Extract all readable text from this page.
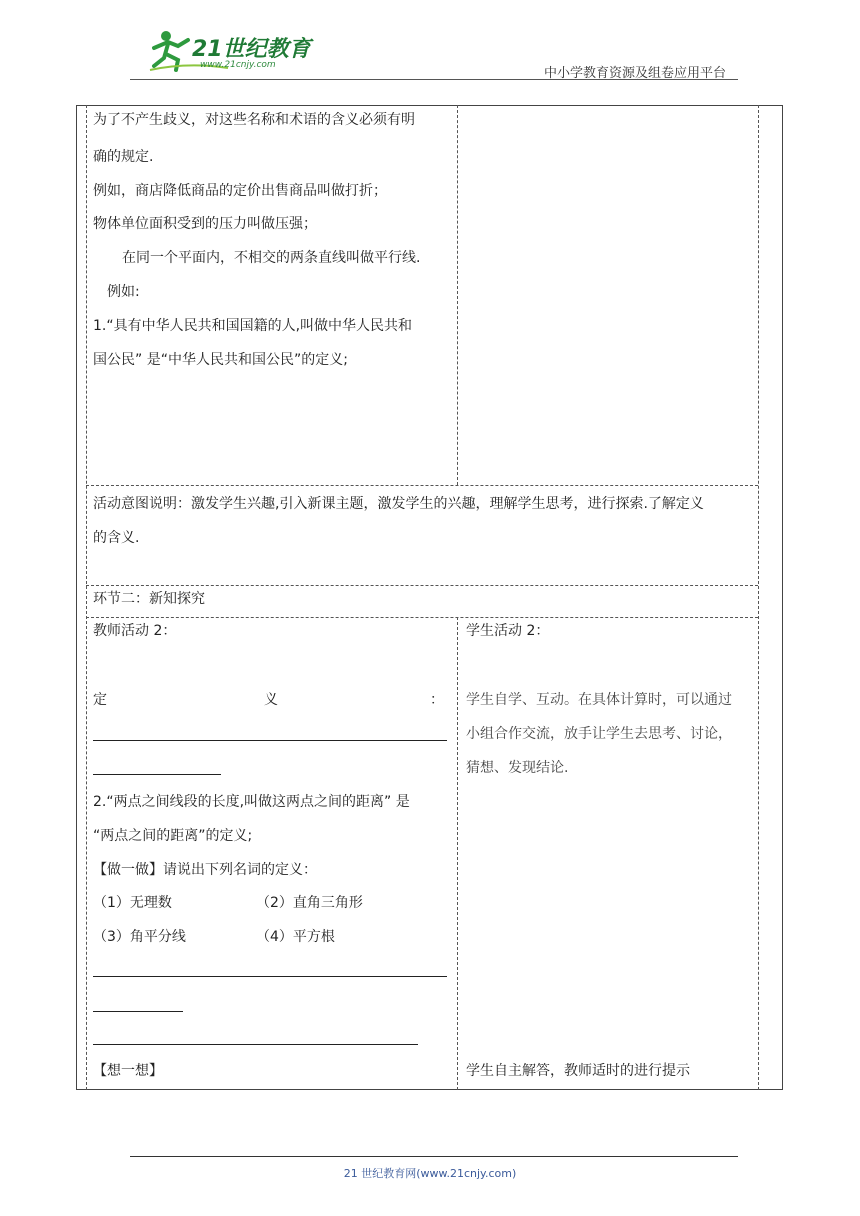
21世纪教育
www.21cnjy.com
中小学教育资源及组卷应用平台
为了不产生歧义，对这些名称和术语的含义必须有明
确的规定.
例如，商店降低商品的定价出售商品叫做打折；
物体单位面积受到的压力叫做压强；
在同一个平面内，不相交的两条直线叫做平行线.
例如:
1.“具有中华人民共和国国籍的人,叫做中华人民共和
国公民” 是“中华人民共和国公民”的定义;
活动意图说明：激发学生兴趣,引入新课主题，激发学生的兴趣，理解学生思考，进行探索.了解定义
的含义.
环节二：新知探究
教师活动 2：
定	义	：
2.“两点之间线段的长度,叫做这两点之间的距离” 是
“两点之间的距离”的定义;
【做一做】请说出下列名词的定义：
（1）无理数	（2）直角三角形
（3）角平分线	（4）平方根
【想一想】
学生活动 2：
学生自学、互动。在具体计算时，可以通过
小组合作交流，放手让学生去思考、讨论，
猜想、发现结论.
学生自主解答，教师适时的进行提示
21 世纪教育网(www.21cnjy.com)
